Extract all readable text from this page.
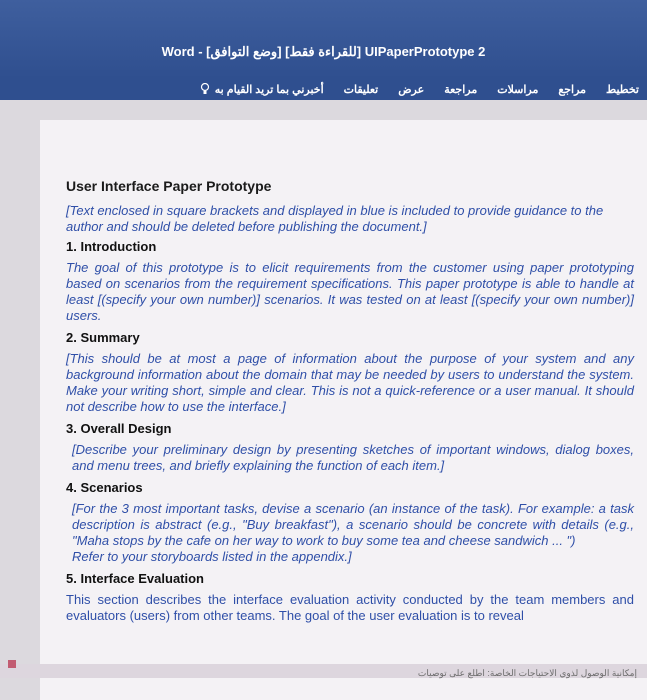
Word - [وضع التوافق] [للقراءة فقط] UIPaperPrototype 2
تخطيط
مراجع
مراسلات
مراجعة
عرض
تعليقات
أخبرني بما تريد القيام به
User Interface Paper Prototype

[Text enclosed in square brackets and displayed in blue is included to provide guidance to the author and should be deleted before publishing the document.]

1. Introduction

The goal of this prototype is to elicit requirements from the customer using paper prototyping based on scenarios from the requirement specifications. This paper prototype is able to handle at least [(specify your own number)] scenarios. It was tested on at least [(specify your own number)] users.

2. Summary

[This should be at most a page of information about the purpose of your system and any background information about the domain that may be needed by users to understand the system. Make your writing short, simple and clear. This is not a quick-reference or a user manual. It should not describe how to use the interface.]

3. Overall Design

[Describe your preliminary design by presenting sketches of important windows, dialog boxes, and menu trees, and briefly explaining the function of each item.]

4. Scenarios

[For the 3 most important tasks, devise a scenario (an instance of the task). For example: a task description is abstract (e.g., "Buy breakfast"), a scenario should be concrete with details (e.g., "Maha stops by the cafe on her way to work to buy some tea and cheese sandwich ... ")

Refer to your storyboards listed in the appendix.]

5. Interface Evaluation

This section describes the interface evaluation activity conducted by the team members and evaluators (users) from other teams. The goal of the user evaluation is to reveal

إمكانية الوصول لذوي الاحتياجات الخاصة: اطلع على توصيات
